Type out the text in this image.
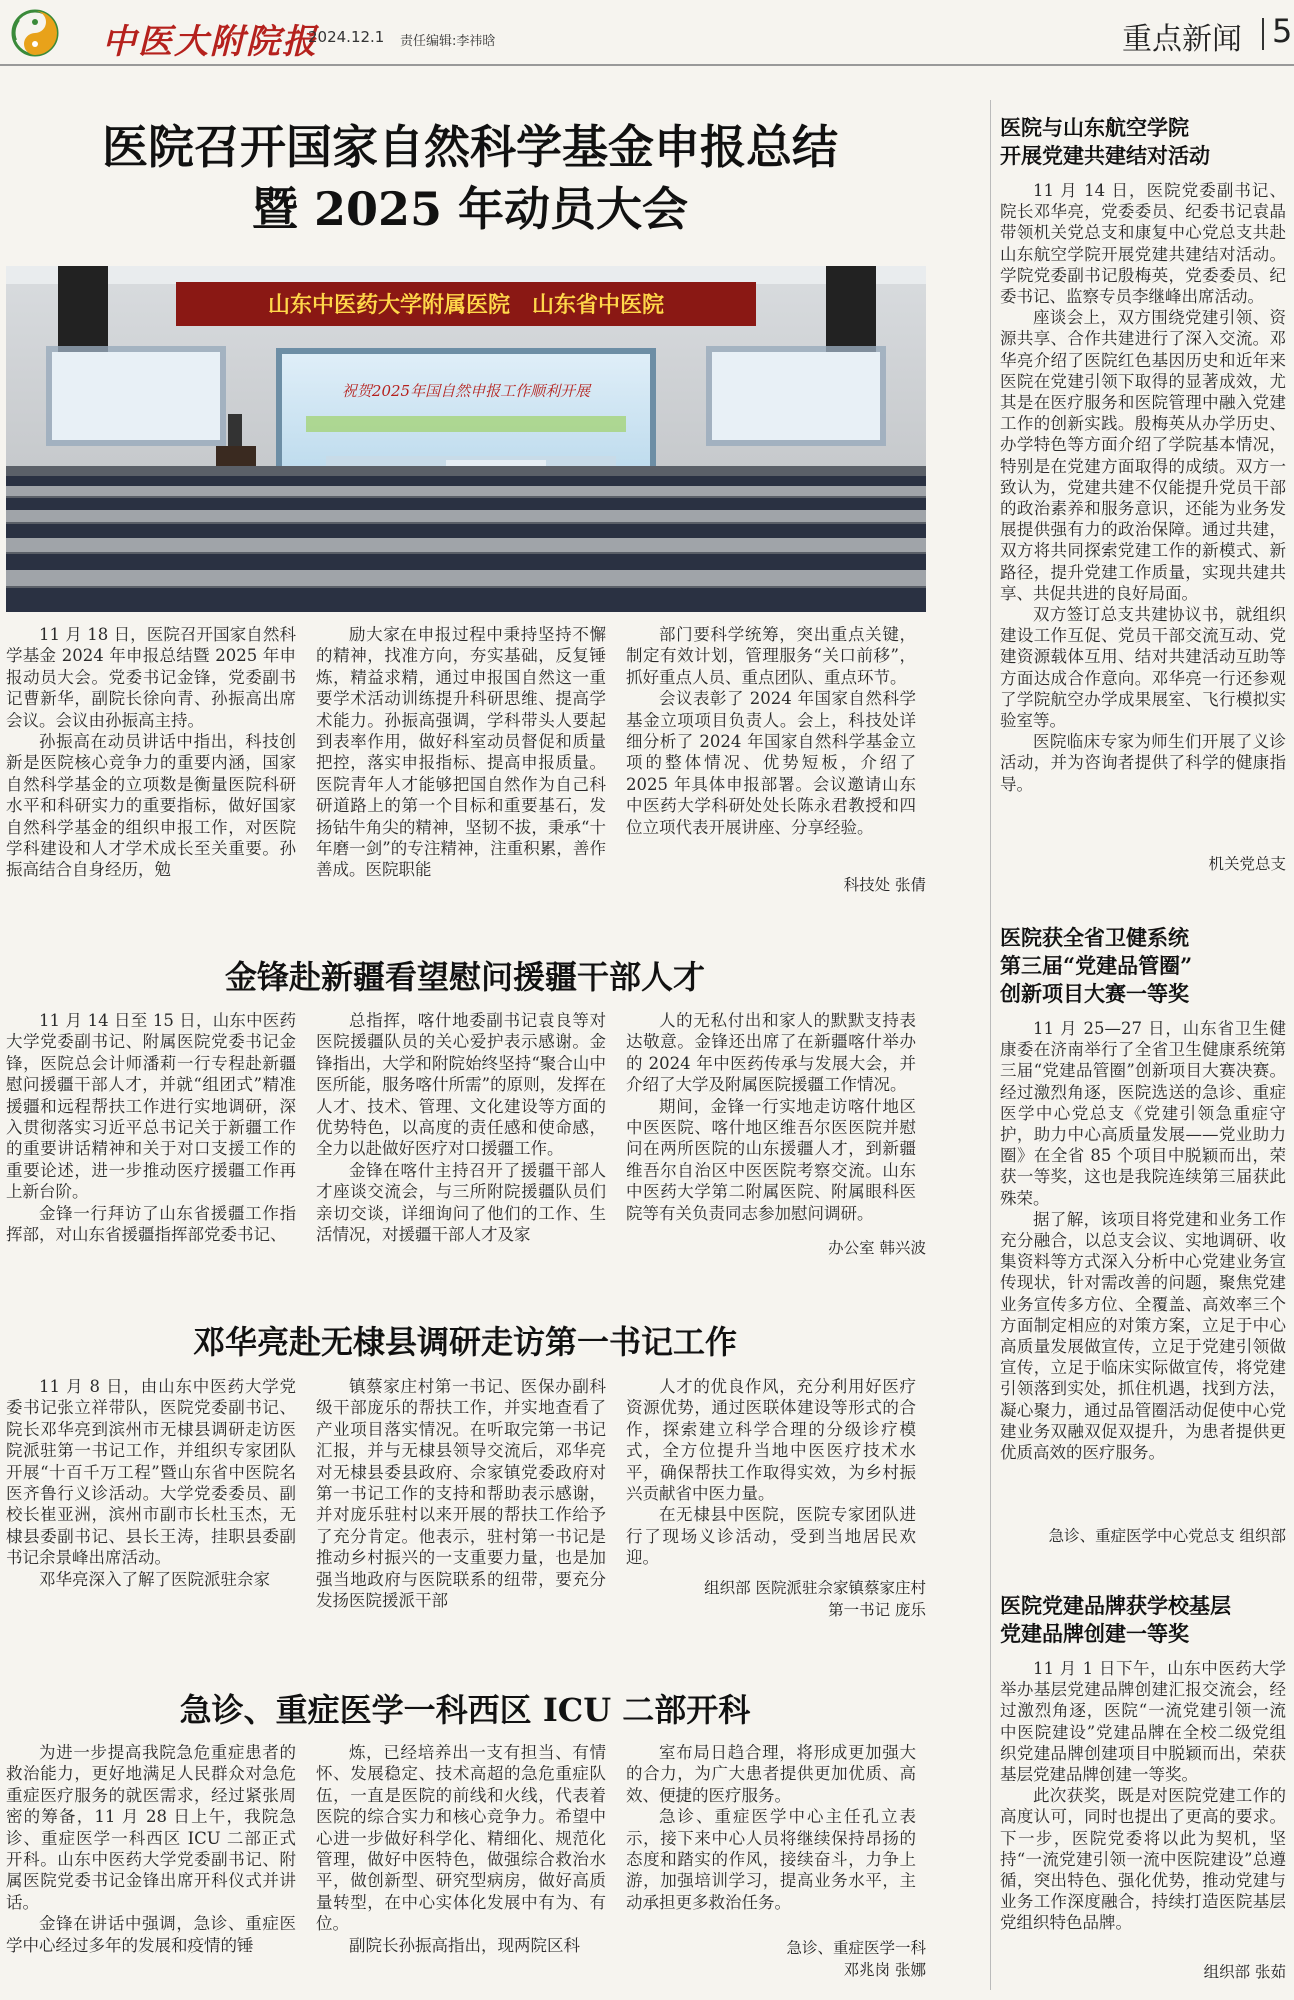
中医大附院报
2024.12.1 责任编辑:李祎晗	重点新闻 5
医院召开国家自然科学基金申报总结
暨 2025 年动员大会
山东中医药大学附属医院　山东省中医院
祝贺2025年国自然申报工作顺利开展

11 月 18 日，医院召开国家自然科学基金 2024 年申报总结暨 2025 年申报动员大会。党委书记金锋，党委副书记曹新华，副院长徐向青、孙振高出席会议。会议由孙振高主持。

孙振高在动员讲话中指出，科技创新是医院核心竞争力的重要内涵，国家自然科学基金的立项数是衡量医院科研水平和科研实力的重要指标，做好国家自然科学基金的组织申报工作，对医院学科建设和人才学术成长至关重要。孙振高结合自身经历，勉

励大家在申报过程中秉持坚持不懈的精神，找准方向，夯实基础，反复锤炼，精益求精，通过申报国自然这一重要学术活动训练提升科研思维、提高学术能力。孙振高强调，学科带头人要起到表率作用，做好科室动员督促和质量把控，落实申报指标、提高申报质量。医院青年人才能够把国自然作为自己科研道路上的第一个目标和重要基石，发扬钻牛角尖的精神，坚韧不拔，秉承“十年磨一剑”的专注精神，注重积累，善作善成。医院职能

部门要科学统筹，突出重点关键，制定有效计划，管理服务“关口前移”，抓好重点人员、重点团队、重点环节。

会议表彰了 2024 年国家自然科学基金立项项目负责人。会上，科技处详细分析了 2024 年国家自然科学基金立项的整体情况、优势短板，介绍了 2025 年具体申报部署。会议邀请山东中医药大学科研处处长陈永君教授和四位立项代表开展讲座、分享经验。

科技处 张倩
金锋赴新疆看望慰问援疆干部人才

11 月 14 日至 15 日，山东中医药大学党委副书记、附属医院党委书记金锋，医院总会计师潘莉一行专程赴新疆慰问援疆干部人才，并就“组团式”精准援疆和远程帮扶工作进行实地调研，深入贯彻落实习近平总书记关于新疆工作的重要讲话精神和关于对口支援工作的重要论述，进一步推动医疗援疆工作再上新台阶。

金锋一行拜访了山东省援疆工作指挥部，对山东省援疆指挥部党委书记、

总指挥，喀什地委副书记袁良等对医院援疆队员的关心爱护表示感谢。金锋指出，大学和附院始终坚持“聚合山中医所能，服务喀什所需”的原则，发挥在人才、技术、管理、文化建设等方面的优势特色，以高度的责任感和使命感，全力以赴做好医疗对口援疆工作。

金锋在喀什主持召开了援疆干部人才座谈交流会，与三所附院援疆队员们亲切交谈，详细询问了他们的工作、生活情况，对援疆干部人才及家

人的无私付出和家人的默默支持表达敬意。金锋还出席了在新疆喀什举办的 2024 年中医药传承与发展大会，并介绍了大学及附属医院援疆工作情况。

期间，金锋一行实地走访喀什地区中医医院、喀什地区维吾尔医医院并慰问在两所医院的山东援疆人才，到新疆维吾尔自治区中医医院考察交流。山东中医药大学第二附属医院、附属眼科医院等有关负责同志参加慰问调研。

办公室 韩兴波
邓华亮赴无棣县调研走访第一书记工作

11 月 8 日，由山东中医药大学党委书记张立祥带队，医院党委副书记、院长邓华亮到滨州市无棣县调研走访医院派驻第一书记工作，并组织专家团队开展“十百千万工程”暨山东省中医院名医齐鲁行义诊活动。大学党委委员、副校长崔亚洲，滨州市副市长杜玉杰，无棣县委副书记、县长王涛，挂职县委副书记余景峰出席活动。

邓华亮深入了解了医院派驻佘家

镇蔡家庄村第一书记、医保办副科级干部庞乐的帮扶工作，并实地查看了产业项目落实情况。在听取完第一书记汇报，并与无棣县领导交流后，邓华亮对无棣县委县政府、佘家镇党委政府对第一书记工作的支持和帮助表示感谢，并对庞乐驻村以来开展的帮扶工作给予了充分肯定。他表示，驻村第一书记是推动乡村振兴的一支重要力量，也是加强当地政府与医院联系的纽带，要充分发扬医院援派干部

人才的优良作风，充分利用好医疗资源优势，通过医联体建设等形式的合作，探索建立科学合理的分级诊疗模式，全方位提升当地中医医疗技术水平，确保帮扶工作取得实效，为乡村振兴贡献省中医力量。

在无棣县中医院，医院专家团队进行了现场义诊活动，受到当地居民欢迎。

组织部 医院派驻佘家镇蔡家庄村
第一书记 庞乐
急诊、重症医学一科西区 ICU 二部开科

为进一步提高我院急危重症患者的救治能力，更好地满足人民群众对急危重症医疗服务的就医需求，经过紧张周密的筹备，11 月 28 日上午，我院急诊、重症医学一科西区 ICU 二部正式开科。山东中医药大学党委副书记、附属医院党委书记金锋出席开科仪式并讲话。

金锋在讲话中强调，急诊、重症医学中心经过多年的发展和疫情的锤

炼，已经培养出一支有担当、有情怀、发展稳定、技术高超的急危重症队伍，一直是医院的前线和火线，代表着医院的综合实力和核心竞争力。希望中心进一步做好科学化、精细化、规范化管理，做好中医特色，做强综合救治水平，做创新型、研究型病房，做好高质量转型，在中心实体化发展中有为、有位。

副院长孙振高指出，现两院区科

室布局日趋合理，将形成更加强大的合力，为广大患者提供更加优质、高效、便捷的医疗服务。

急诊、重症医学中心主任孔立表示，接下来中心人员将继续保持昂扬的态度和踏实的作风，接续奋斗，力争上游，加强培训学习，提高业务水平，主动承担更多救治任务。

急诊、重症医学一科
邓兆岗 张娜
医院与山东航空学院
开展党建共建结对活动

11 月 14 日，医院党委副书记、院长邓华亮，党委委员、纪委书记袁晶带领机关党总支和康复中心党总支共赴山东航空学院开展党建共建结对活动。学院党委副书记殷梅英，党委委员、纪委书记、监察专员李继峰出席活动。

座谈会上，双方围绕党建引领、资源共享、合作共建进行了深入交流。邓华亮介绍了医院红色基因历史和近年来医院在党建引领下取得的显著成效，尤其是在医疗服务和医院管理中融入党建工作的创新实践。殷梅英从办学历史、办学特色等方面介绍了学院基本情况，特别是在党建方面取得的成绩。双方一致认为，党建共建不仅能提升党员干部的政治素养和服务意识，还能为业务发展提供强有力的政治保障。通过共建，双方将共同探索党建工作的新模式、新路径，提升党建工作质量，实现共建共享、共促共进的良好局面。

双方签订总支共建协议书，就组织建设工作互促、党员干部交流互动、党建资源载体互用、结对共建活动互助等方面达成合作意向。邓华亮一行还参观了学院航空办学成果展室、飞行模拟实验室等。

医院临床专家为师生们开展了义诊活动，并为咨询者提供了科学的健康指导。

机关党总支
医院获全省卫健系统
第三届“党建品管圈”
创新项目大赛一等奖

11 月 25—27 日，山东省卫生健康委在济南举行了全省卫生健康系统第三届“党建品管圈”创新项目大赛决赛。经过激烈角逐，医院选送的急诊、重症医学中心党总支《党建引领急重症守护，助力中心高质量发展——党业助力圈》在全省 85 个项目中脱颖而出，荣获一等奖，这也是我院连续第三届获此殊荣。

据了解，该项目将党建和业务工作充分融合，以总支会议、实地调研、收集资料等方式深入分析中心党建业务宣传现状，针对需改善的问题，聚焦党建业务宣传多方位、全覆盖、高效率三个方面制定相应的对策方案，立足于中心高质量发展做宣传，立足于党建引领做宣传，立足于临床实际做宣传，将党建引领落到实处，抓住机遇，找到方法，凝心聚力，通过品管圈活动促使中心党建业务双融双促双提升，为患者提供更优质高效的医疗服务。

急诊、重症医学中心党总支 组织部
医院党建品牌获学校基层
党建品牌创建一等奖

11 月 1 日下午，山东中医药大学举办基层党建品牌创建汇报交流会，经过激烈角逐，医院“一流党建引领一流中医院建设”党建品牌在全校二级党组织党建品牌创建项目中脱颖而出，荣获基层党建品牌创建一等奖。

此次获奖，既是对医院党建工作的高度认可，同时也提出了更高的要求。下一步，医院党委将以此为契机，坚持“一流党建引领一流中医院建设”总遵循，突出特色、强化优势，推动党建与业务工作深度融合，持续打造医院基层党组织特色品牌。

组织部 张茹
